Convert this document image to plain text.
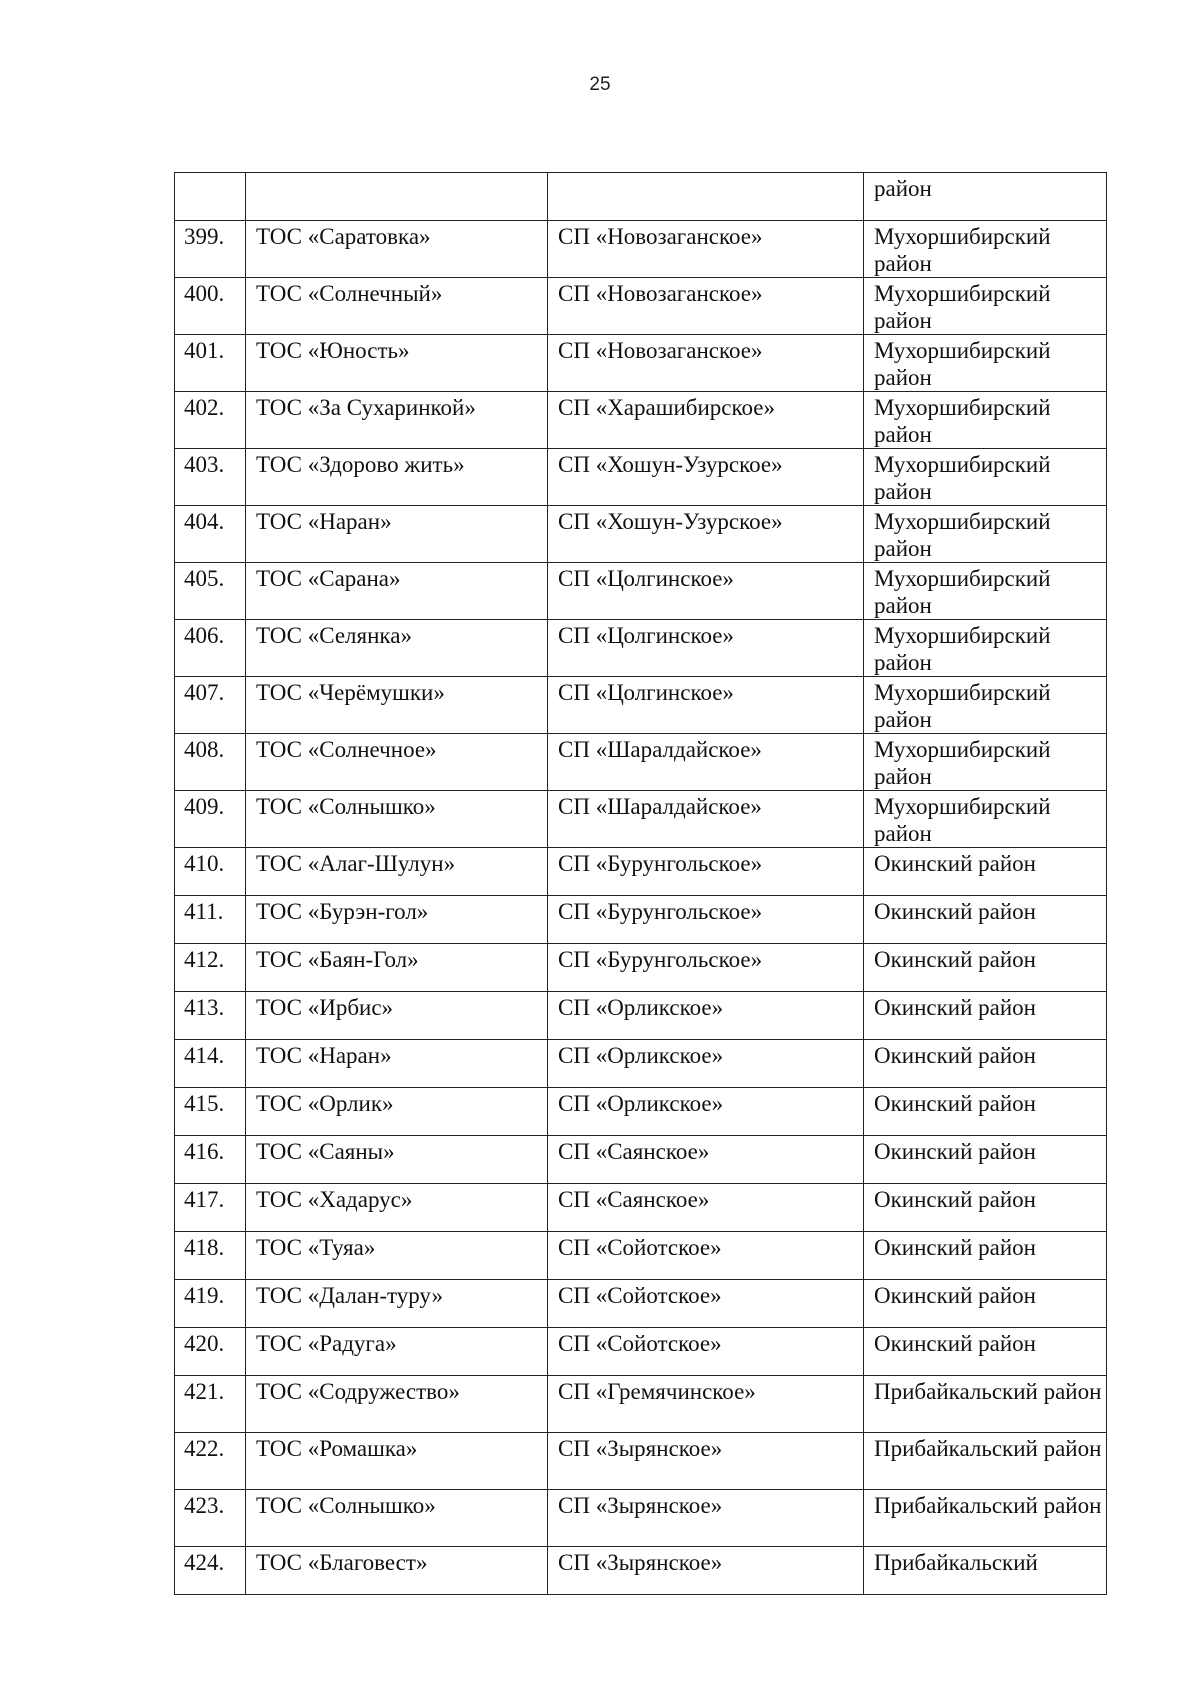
25
			район
399.	ТОС «Саратовка»	СП «Новозаганское»	Мухоршибирский район
400.	ТОС «Солнечный»	СП «Новозаганское»	Мухоршибирский район
401.	ТОС «Юность»	СП «Новозаганское»	Мухоршибирский район
402.	ТОС «За Сухаринкой»	СП «Харашибирское»	Мухоршибирский район
403.	ТОС «Здорово жить»	СП «Хошун-Узурское»	Мухоршибирский район
404.	ТОС «Наран»	СП «Хошун-Узурское»	Мухоршибирский район
405.	ТОС «Сарана»	СП «Цолгинское»	Мухоршибирский район
406.	ТОС «Селянка»	СП «Цолгинское»	Мухоршибирский район
407.	ТОС «Черёмушки»	СП «Цолгинское»	Мухоршибирский район
408.	ТОС «Солнечное»	СП «Шаралдайское»	Мухоршибирский район
409.	ТОС «Солнышко»	СП «Шаралдайское»	Мухоршибирский район
410.	ТОС «Алаг-Шулун»	СП «Бурунгольское»	Окинский район
411.	ТОС «Бурэн-гол»	СП «Бурунгольское»	Окинский район
412.	ТОС «Баян-Гол»	СП «Бурунгольское»	Окинский район
413.	ТОС «Ирбис»	СП «Орликское»	Окинский район
414.	ТОС «Наран»	СП «Орликское»	Окинский район
415.	ТОС «Орлик»	СП «Орликское»	Окинский район
416.	ТОС «Саяны»	СП «Саянское»	Окинский район
417.	ТОС «Хадарус»	СП «Саянское»	Окинский район
418.	ТОС «Туяа»	СП «Сойотское»	Окинский район
419.	ТОС «Далан-туру»	СП «Сойотское»	Окинский район
420.	ТОС «Радуга»	СП «Сойотское»	Окинский район
421.	ТОС «Содружество»	СП «Гремячинское»	Прибайкальский район
422.	ТОС «Ромашка»	СП «Зырянское»	Прибайкальский район
423.	ТОС «Солнышко»	СП «Зырянское»	Прибайкальский район
424.	ТОС «Благовест»	СП «Зырянское»	Прибайкальский
